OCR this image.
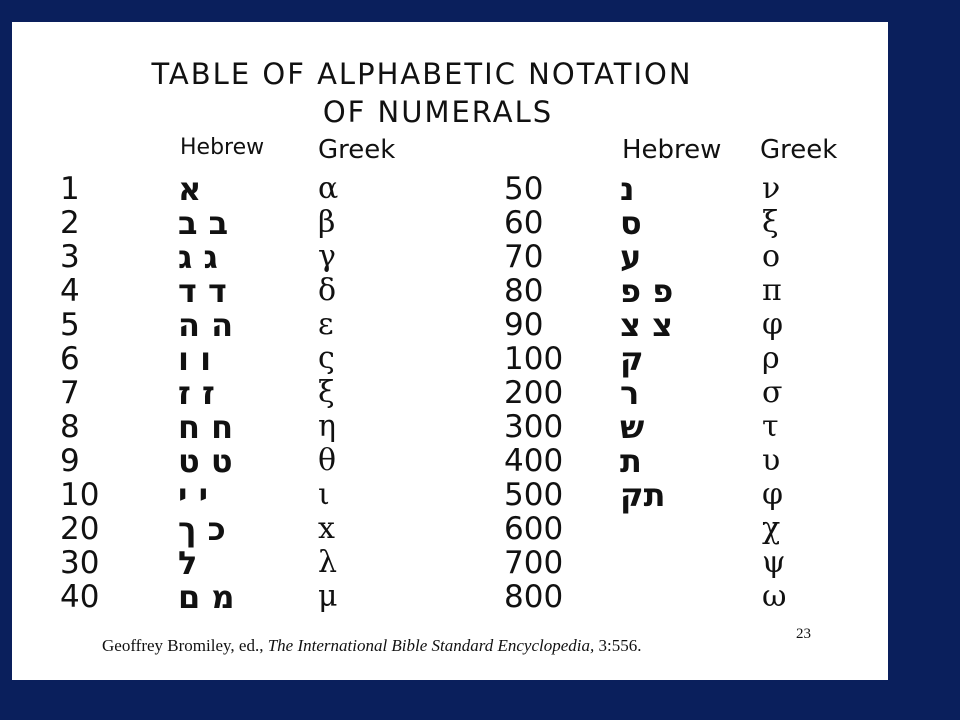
TABLE OF ALPHABETIC NOTATION
OF NUMERALS
Hebrew Greek	Hebrew Greek
1
2
3
4
5
6
7
8
9
10
20
30
40
א
ב ב
ג ג
ד ד
ה ה
ו ו
ז ז
ח ח
ט ט
י י
כ ך
ל
מ ם
α
β
γ
δ
ε
ς
ξ
η
θ
ι
x
λ
μ
50
60
70
80
90
100
200
300
400
500
600
700
800
נ
ס
ע
פ פ
צ צ
ק
ר
ש
ת
תק
ν
ξ
ο
π
φ
ρ
σ
τ
υ
φ
χ
ψ
ω
Geoffrey Bromiley, ed., The International Bible Standard Encyclopedia, 3:556.
23
